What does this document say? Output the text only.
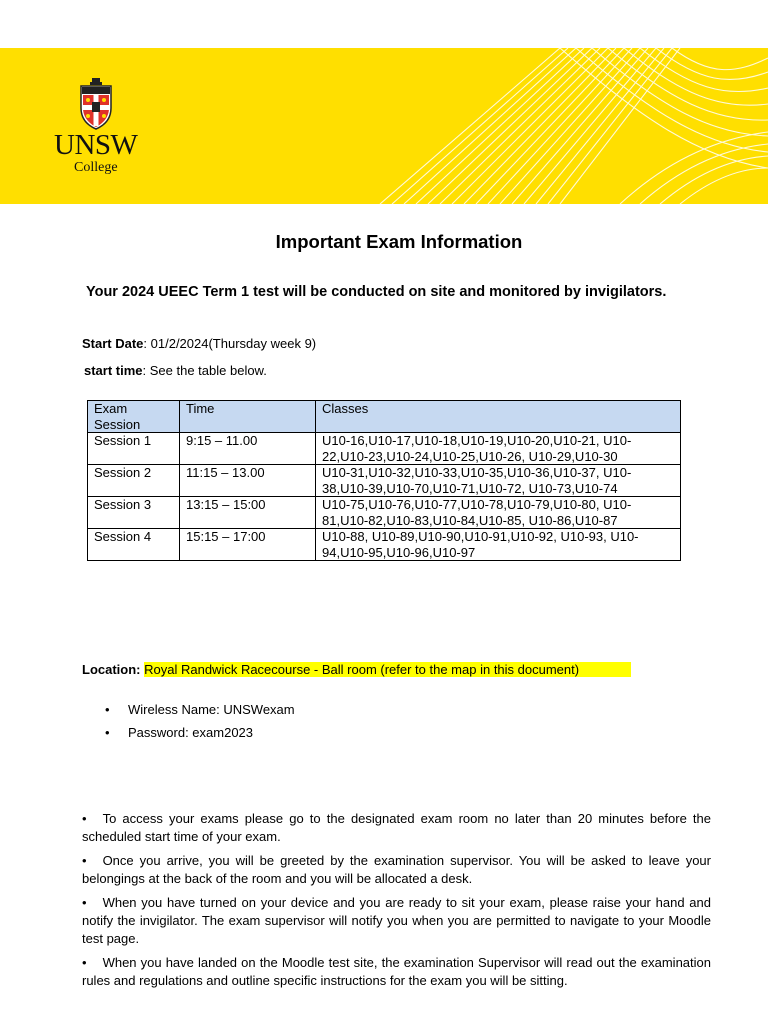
UNSW
College
Important Exam Information
Your 2024 UEEC Term 1 test will be conducted on site and monitored by invigilators.
Start Date: 01/2/2024(Thursday week 9)
start time: See the table below.
Exam Session	Time	Classes
Session 1	9:15 – 11.00	U10-16,U10-17,U10-18,U10-19,U10-20,U10-21, U10-22,U10-23,U10-24,U10-25,U10-26, U10-29,U10-30
Session 2	11:15 – 13.00	U10-31,U10-32,U10-33,U10-35,U10-36,U10-37, U10-38,U10-39,U10-70,U10-71,U10-72, U10-73,U10-74
Session 3	13:15 – 15:00	U10-75,U10-76,U10-77,U10-78,U10-79,U10-80, U10-81,U10-82,U10-83,U10-84,U10-85, U10-86,U10-87
Session 4	15:15 – 17:00	U10-88, U10-89,U10-90,U10-91,U10-92, U10-93, U10-94,U10-95,U10-96,U10-97
Location: Royal Randwick Racecourse - Ball room (refer to the map in this document)
• Wireless Name: UNSWexam
• Password: exam2023

• To access your exams please go to the designated exam room no later than 20 minutes before the scheduled start time of your exam.

• Once you arrive, you will be greeted by the examination supervisor. You will be asked to leave your belongings at the back of the room and you will be allocated a desk.

• When you have turned on your device and you are ready to sit your exam, please raise your hand and notify the invigilator. The exam supervisor will notify you when you are permitted to navigate to your Moodle test page.

• When you have landed on the Moodle test site, the examination Supervisor will read out the examination rules and regulations and outline specific instructions for the exam you will be sitting.
